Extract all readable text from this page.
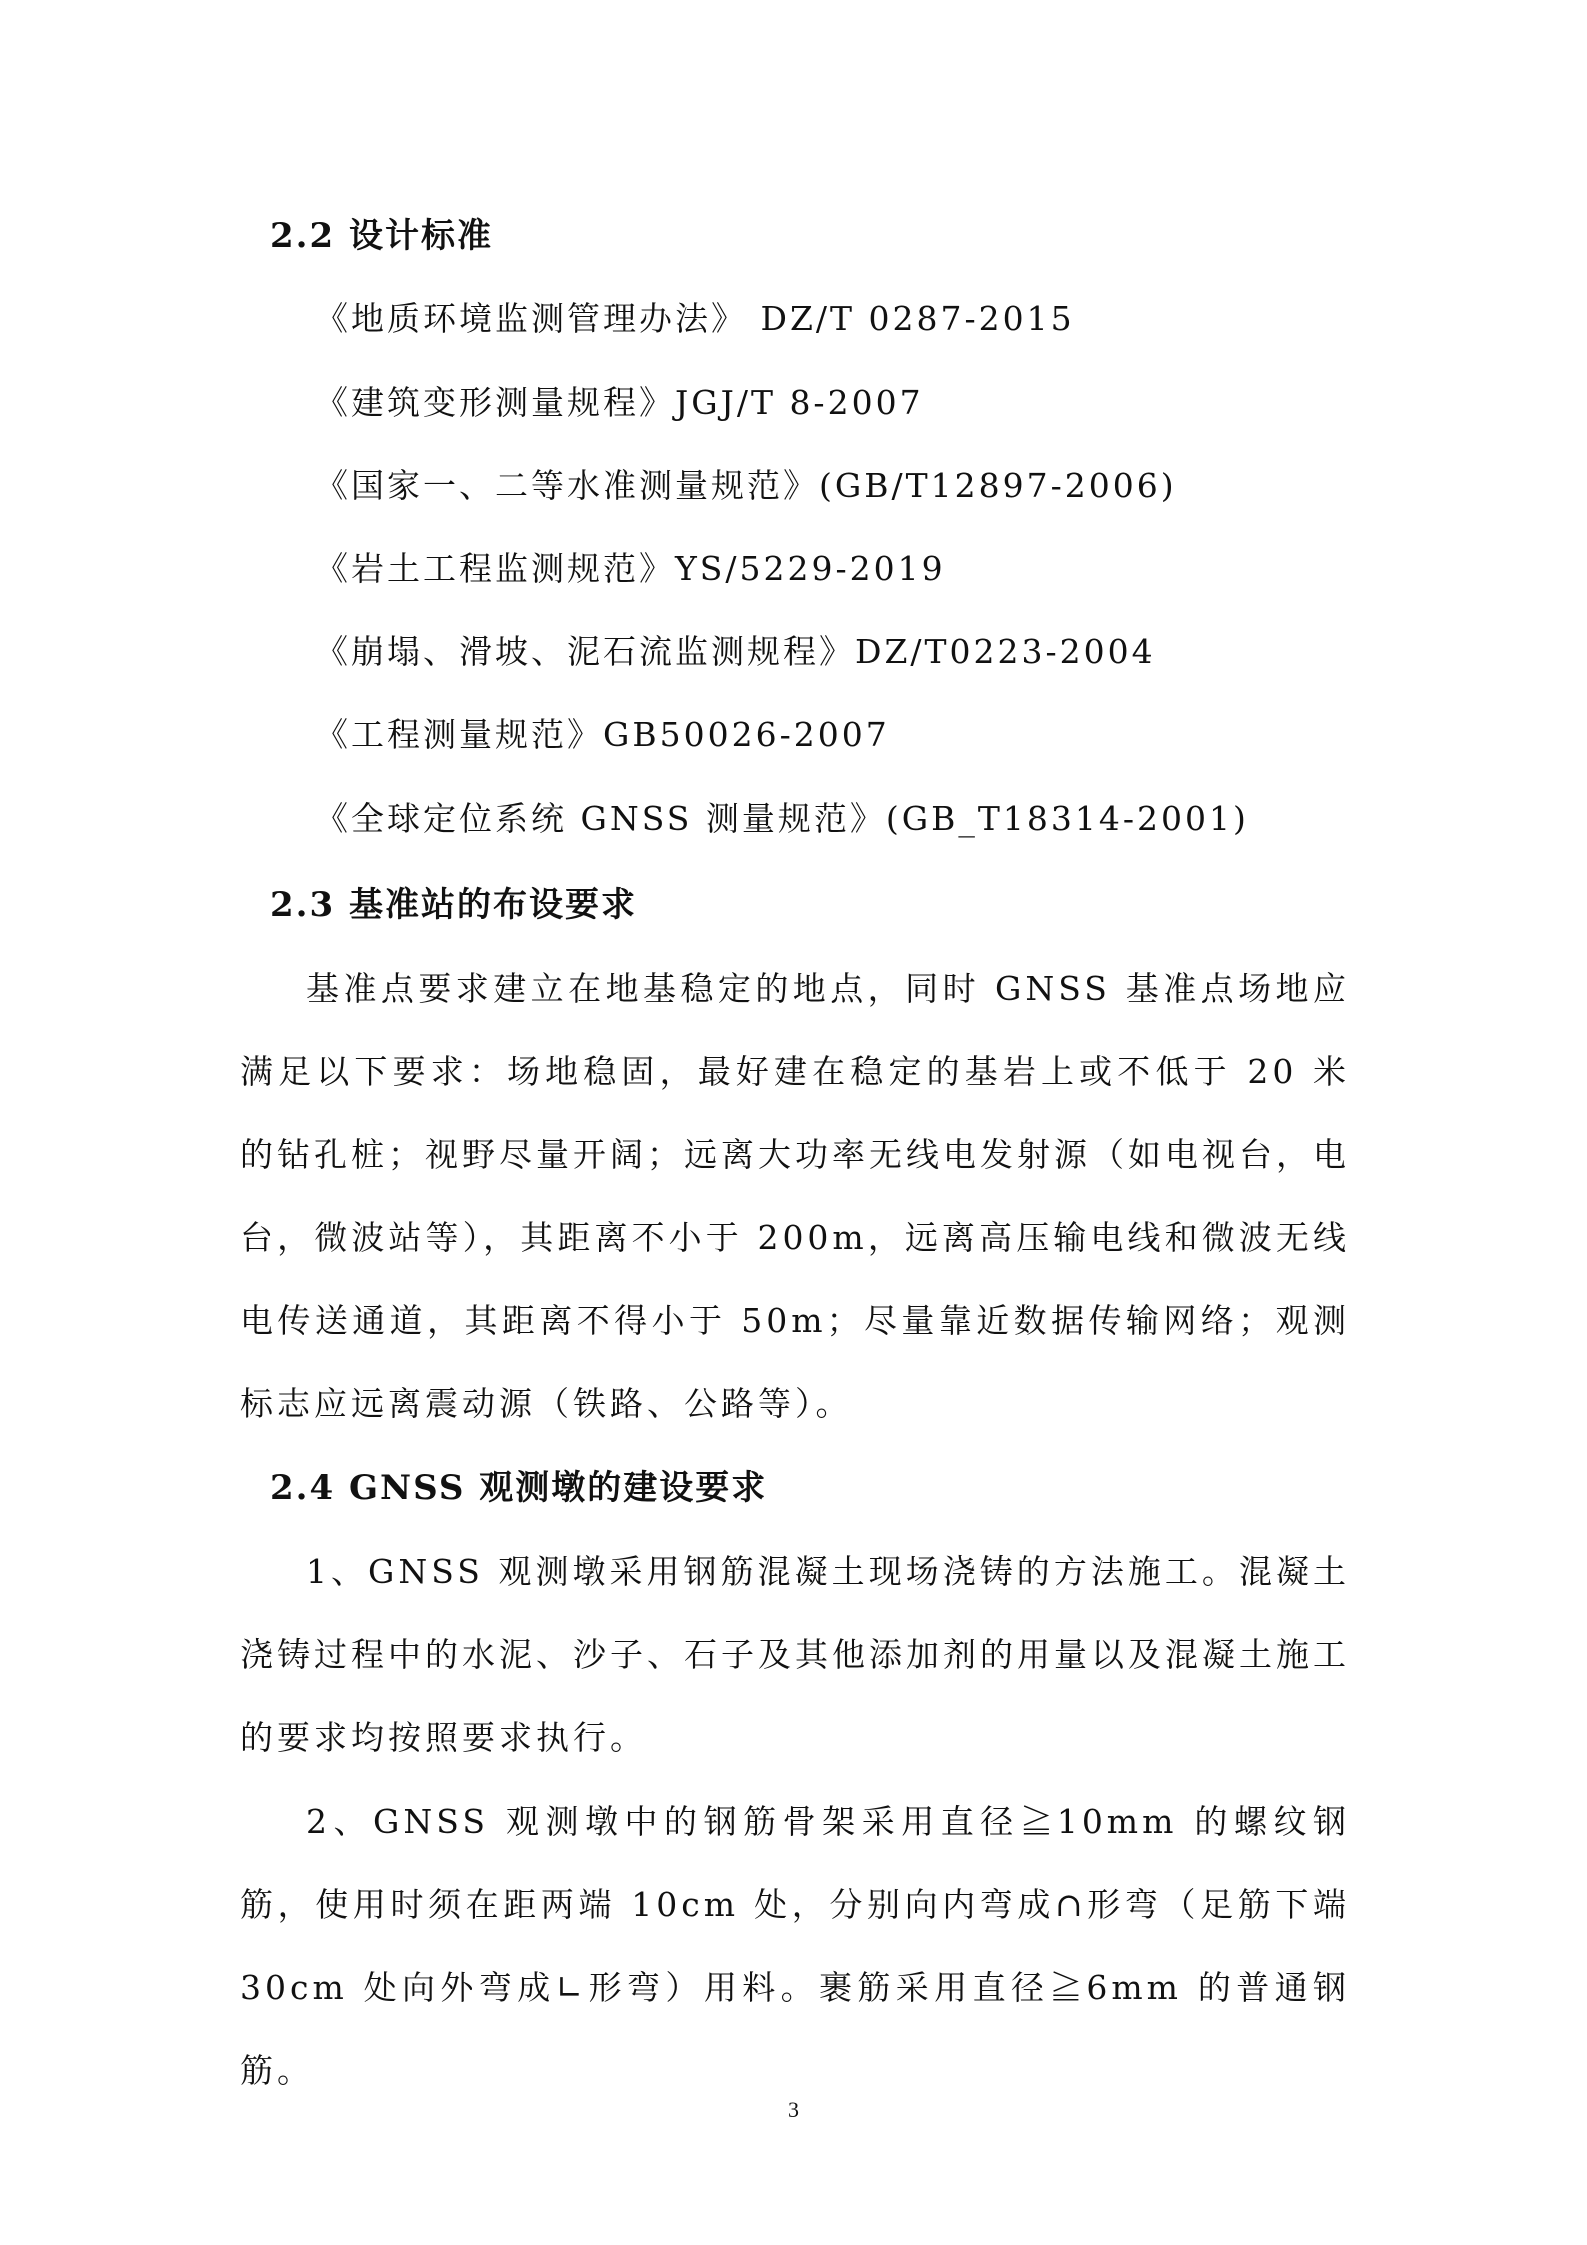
2.2 设计标准
《地质环境监测管理办法》 DZ/T 0287-2015
《建筑变形测量规程》JGJ/T 8-2007
《国家一、二等水准测量规范》(GB/T12897-2006)
《岩土工程监测规范》YS/5229-2019
《崩塌、滑坡、泥石流监测规程》DZ/T0223-2004
《工程测量规范》GB50026-2007
《全球定位系统 GNSS 测量规范》(GB_T18314-2001)
2.3 基准站的布设要求
基准点要求建立在地基稳定的地点，同时 GNSS 基准点场地应满足以下要求：场地稳固，最好建在稳定的基岩上或不低于 20 米的钻孔桩；视野尽量开阔；远离大功率无线电发射源（如电视台，电台，微波站等），其距离不小于 200m，远离高压输电线和微波无线电传送通道，其距离不得小于 50m；尽量靠近数据传输网络；观测标志应远离震动源（铁路、公路等）。
2.4 GNSS 观测墩的建设要求
1、GNSS 观测墩采用钢筋混凝土现场浇铸的方法施工。混凝土浇铸过程中的水泥、沙子、石子及其他添加剂的用量以及混凝土施工的要求均按照要求执行。
2、GNSS 观测墩中的钢筋骨架采用直径≧10mm 的螺纹钢筋，使用时须在距两端 10cm 处，分别向内弯成∩形弯（足筋下端 30cm 处向外弯成∟形弯）用料。裹筋采用直径≧6mm 的普通钢筋。
3
